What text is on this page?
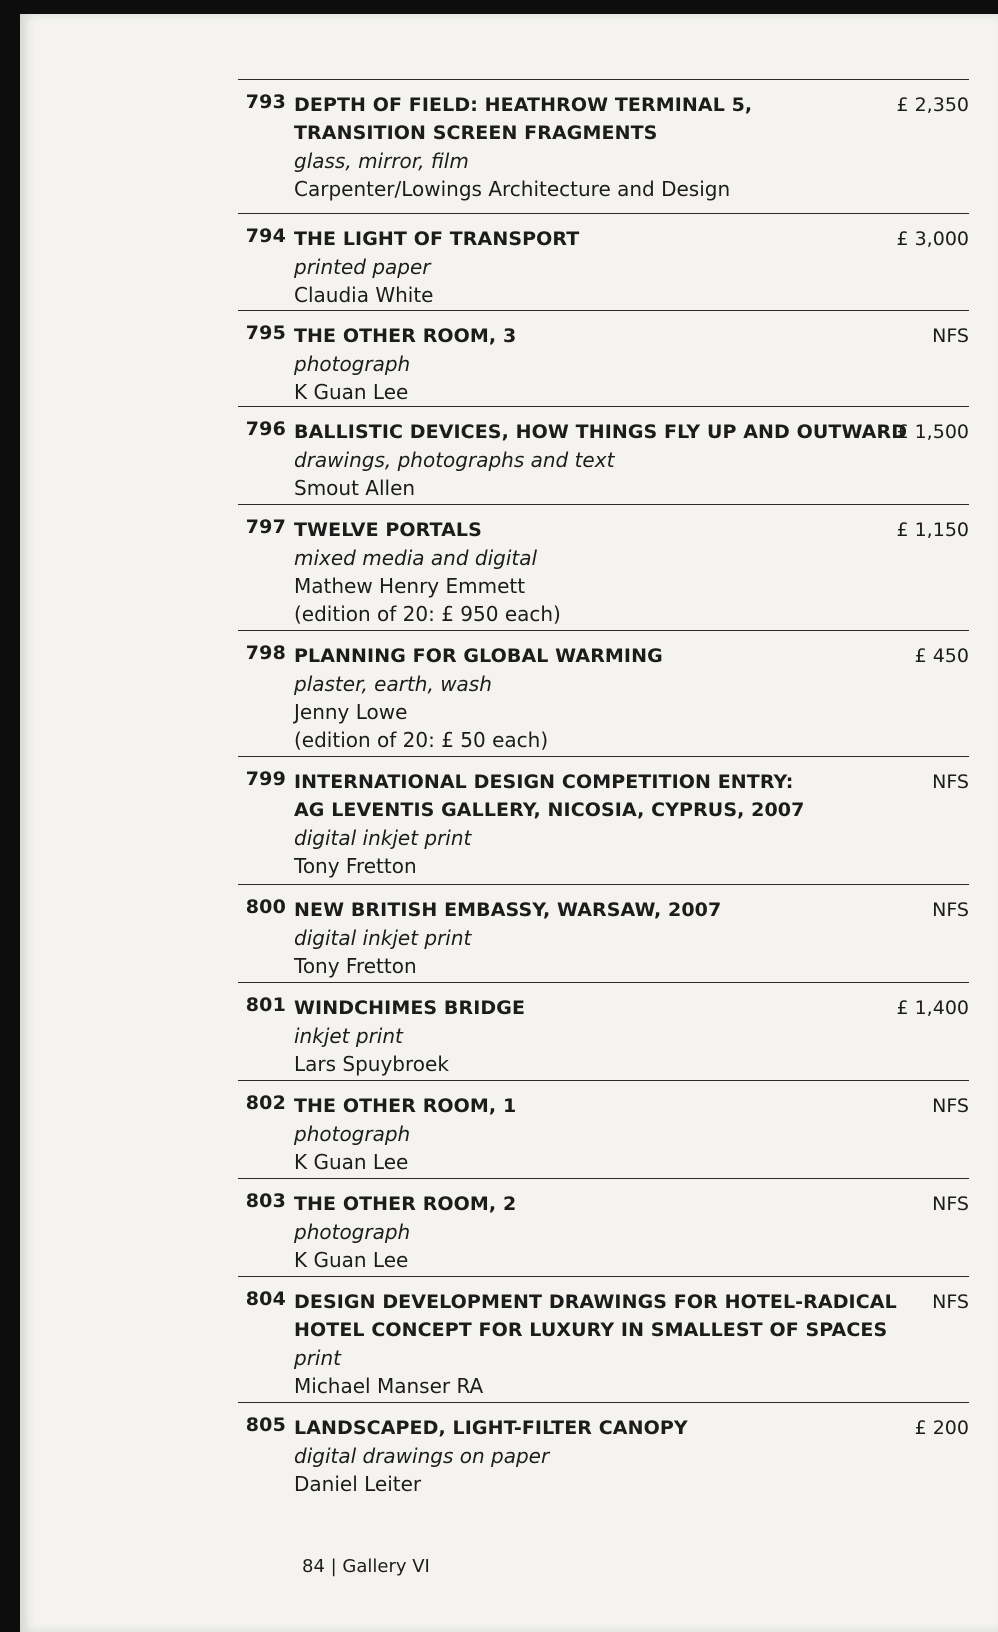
793 DEPTH OF FIELD: HEATHROW TERMINAL 5,
TRANSITION SCREEN FRAGMENTS
glass, mirror, film
Carpenter/Lowings Architecture and Design
£ 2,350
794 THE LIGHT OF TRANSPORT
printed paper
Claudia White
£ 3,000
795 THE OTHER ROOM, 3
photograph
K Guan Lee
NFS
796 BALLISTIC DEVICES, HOW THINGS FLY UP AND OUTWARD
drawings, photographs and text
Smout Allen
£ 1,500
797 TWELVE PORTALS
mixed media and digital
Mathew Henry Emmett
(edition of 20: £ 950 each)
£ 1,150
798 PLANNING FOR GLOBAL WARMING
plaster, earth, wash
Jenny Lowe
(edition of 20: £ 50 each)
£ 450
799 INTERNATIONAL DESIGN COMPETITION ENTRY:
AG LEVENTIS GALLERY, NICOSIA, CYPRUS, 2007
digital inkjet print
Tony Fretton
NFS
800 NEW BRITISH EMBASSY, WARSAW, 2007
digital inkjet print
Tony Fretton
NFS
801 WINDCHIMES BRIDGE
inkjet print
Lars Spuybroek
£ 1,400
802 THE OTHER ROOM, 1
photograph
K Guan Lee
NFS
803 THE OTHER ROOM, 2
photograph
K Guan Lee
NFS
804 DESIGN DEVELOPMENT DRAWINGS FOR HOTEL-RADICAL
HOTEL CONCEPT FOR LUXURY IN SMALLEST OF SPACES
print
Michael Manser RA
NFS
805 LANDSCAPED, LIGHT-FILTER CANOPY
digital drawings on paper
Daniel Leiter
£ 200
84 | Gallery VI
